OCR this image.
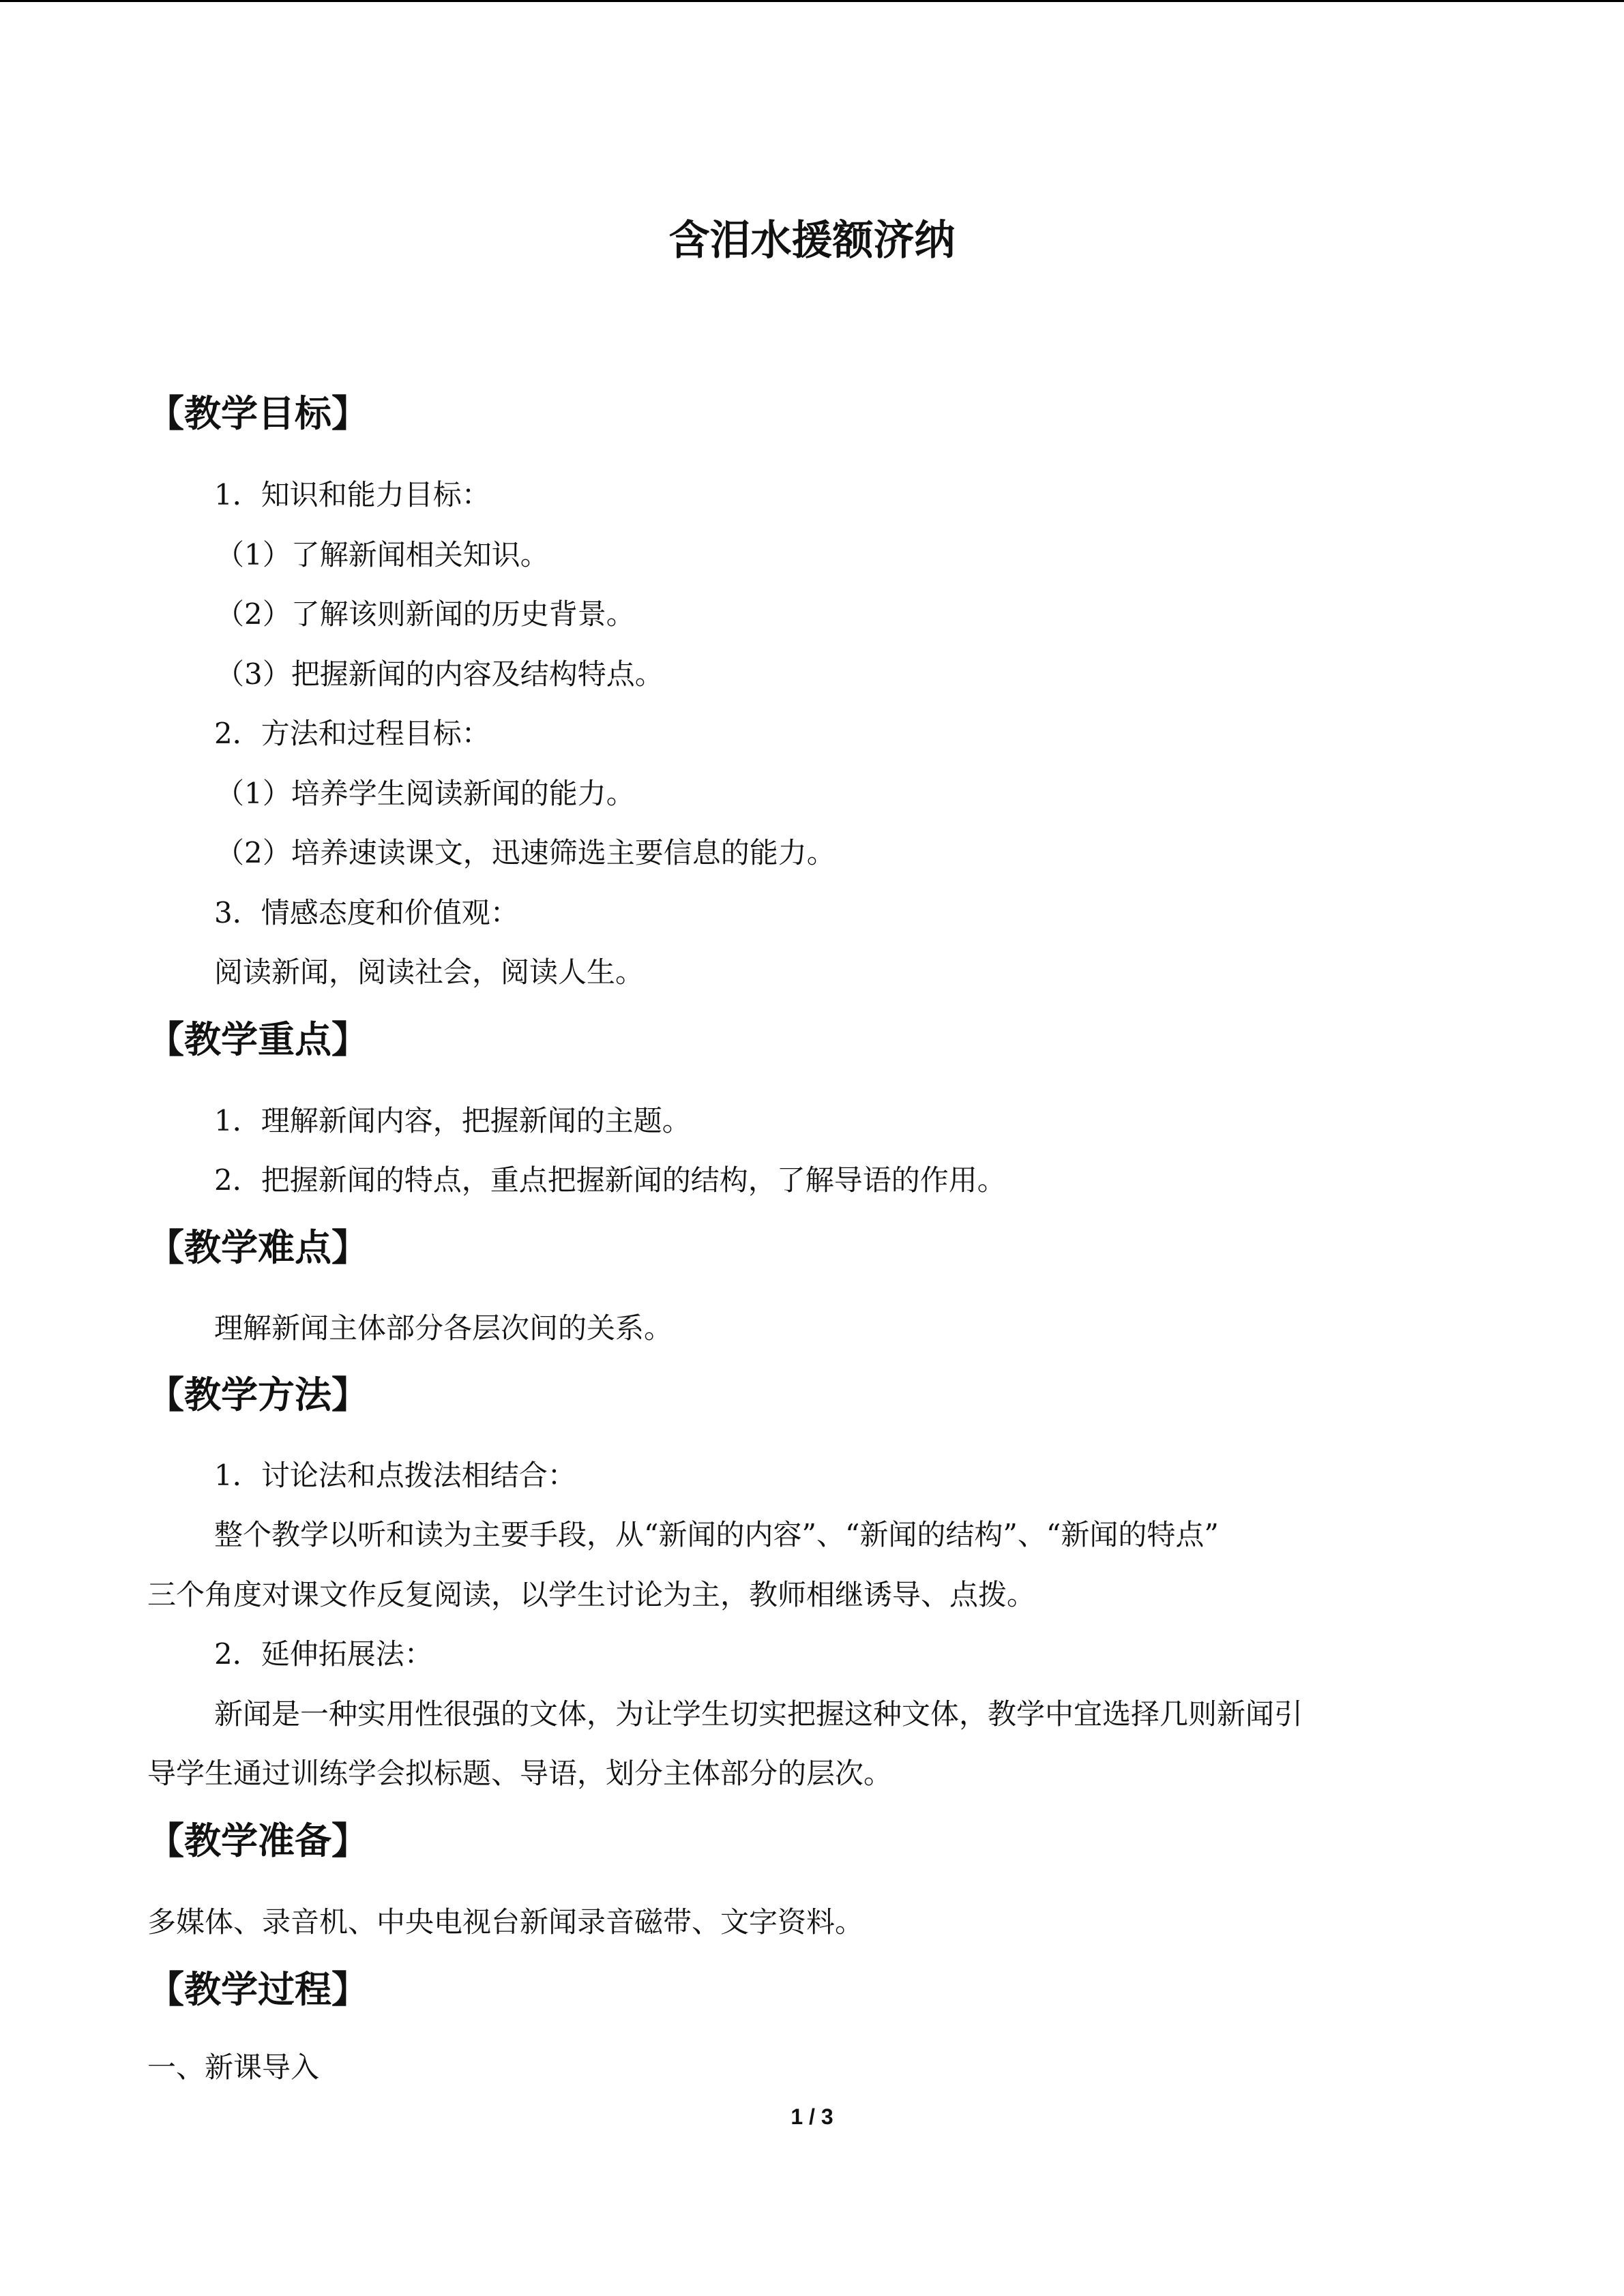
含泪水援额济纳
【教学目标】
1．知识和能力目标：
（1）了解新闻相关知识。
（2）了解该则新闻的历史背景。
（3）把握新闻的内容及结构特点。
2．方法和过程目标：
（1）培养学生阅读新闻的能力。
（2）培养速读课文，迅速筛选主要信息的能力。
3．情感态度和价值观：
阅读新闻，阅读社会，阅读人生。
【教学重点】
1．理解新闻内容，把握新闻的主题。
2．把握新闻的特点，重点把握新闻的结构，了解导语的作用。
【教学难点】
理解新闻主体部分各层次间的关系。
【教学方法】
1．讨论法和点拨法相结合：
整个教学以听和读为主要手段，从“新闻的内容”、“新闻的结构”、“新闻的特点”
三个角度对课文作反复阅读，以学生讨论为主，教师相继诱导、点拨。
2．延伸拓展法：
新闻是一种实用性很强的文体，为让学生切实把握这种文体，教学中宜选择几则新闻引
导学生通过训练学会拟标题、导语，划分主体部分的层次。
【教学准备】
多媒体、录音机、中央电视台新闻录音磁带、文字资料。
【教学过程】
一、新课导入
1 / 3
